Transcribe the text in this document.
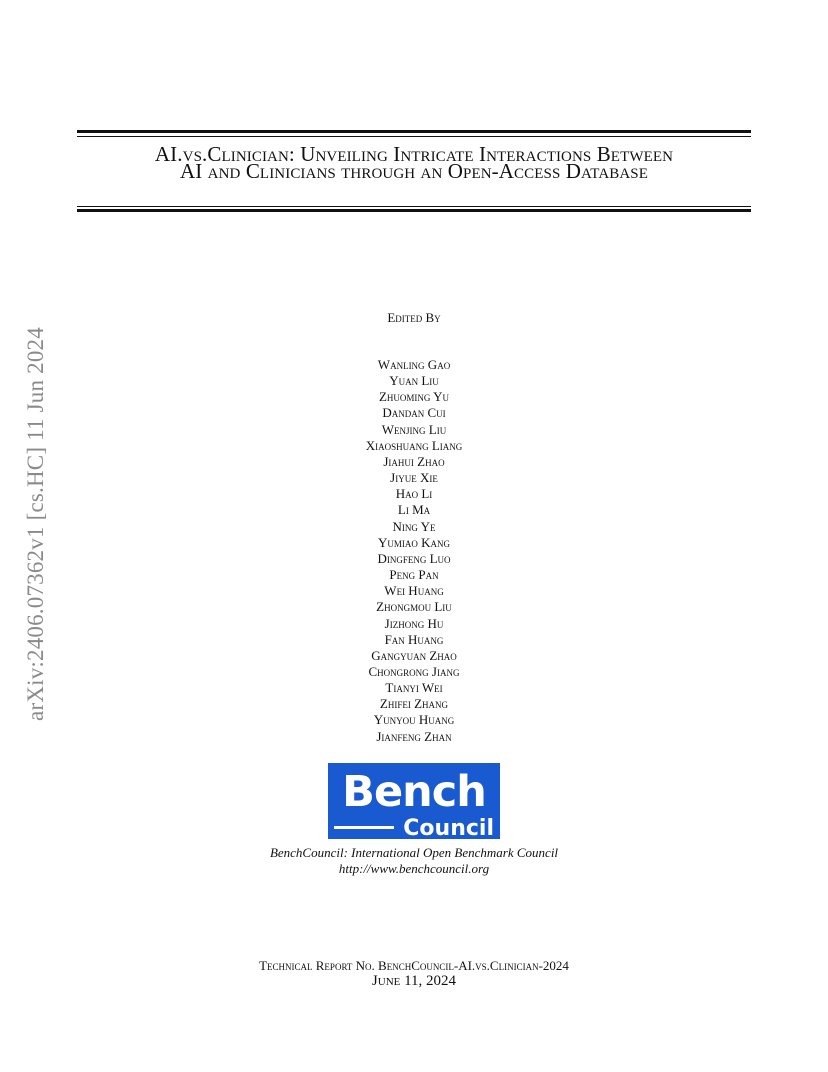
arXiv:2406.07362v1 [cs.HC] 11 Jun 2024
AI.vs.Clinician: Unveiling Intricate Interactions Between
AI and Clinicians through an Open-Access Database
Edited By
Wanling Gao
Yuan Liu
Zhuoming Yu
Dandan Cui
Wenjing Liu
Xiaoshuang Liang
Jiahui Zhao
Jiyue Xie
Hao Li
Li Ma
Ning Ye
Yumiao Kang
Dingfeng Luo
Peng Pan
Wei Huang
Zhongmou Liu
Jizhong Hu
Fan Huang
Gangyuan Zhao
Chongrong Jiang
Tianyi Wei
Zhifei Zhang
Yunyou Huang
Jianfeng Zhan
Bench
Council
BenchCouncil: International Open Benchmark Council
http://www.benchcouncil.org
Technical Report No. BenchCouncil-AI.vs.Clinician-2024
June 11, 2024
